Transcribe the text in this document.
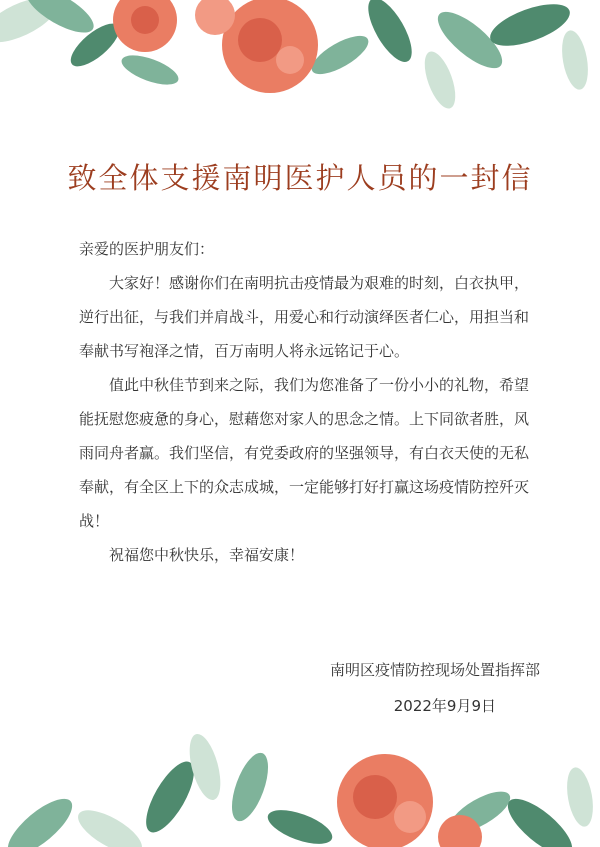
致全体支援南明医护人员的一封信

亲爱的医护朋友们：

大家好！感谢你们在南明抗击疫情最为艰难的时刻，白衣执甲，逆行出征，与我们并肩战斗，用爱心和行动演绎医者仁心，用担当和奉献书写袍泽之情，百万南明人将永远铭记于心。

值此中秋佳节到来之际，我们为您准备了一份小小的礼物，希望能抚慰您疲惫的身心，慰藉您对家人的思念之情。上下同欲者胜，风雨同舟者赢。我们坚信，有党委政府的坚强领导，有白衣天使的无私奉献，有全区上下的众志成城，一定能够打好打赢这场疫情防控歼灭战！

祝福您中秋快乐，幸福安康！

南明区疫情防控现场处置指挥部
2022年9月9日
